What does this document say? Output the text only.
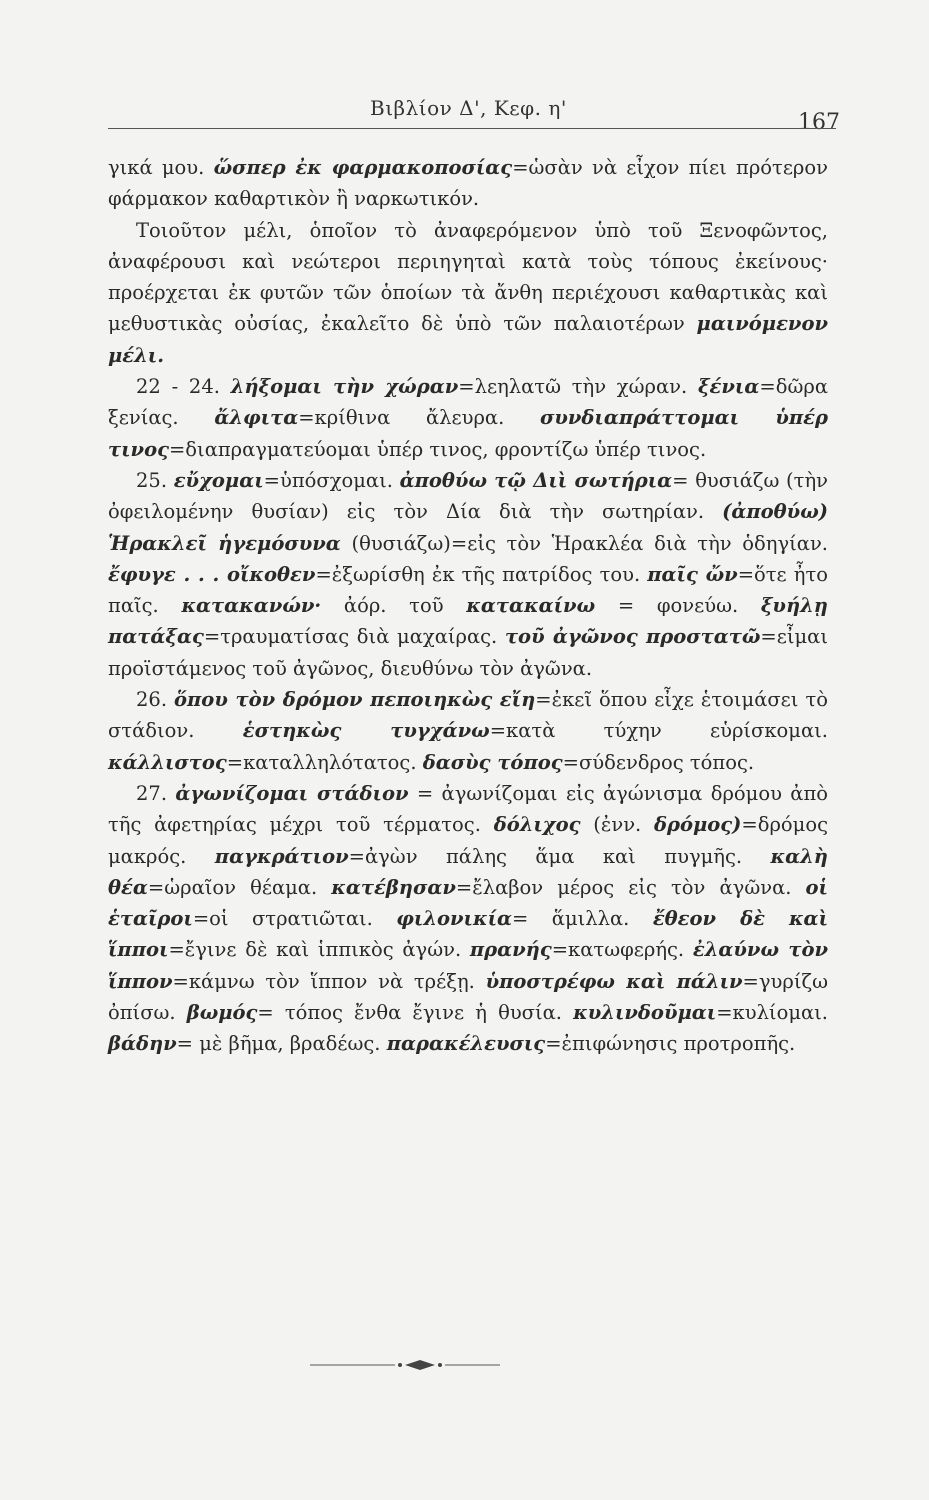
Βιβλίον Δ', Κεφ. η'
167

γικά μου. ὥσπερ ἐκ φαρμακοποσίας=ὡσὰν νὰ εἶχον πίει πρότερον φάρμακον καθαρτικὸν ἢ ναρκωτικόν.

Τοιοῦτον μέλι, ὁποῖον τὸ ἀναφερόμενον ὑπὸ τοῦ Ξενοφῶντος, ἀναφέρουσι καὶ νεώτεροι περιηγηταὶ κατὰ τοὺς τόπους ἐκείνους· προέρχεται ἐκ φυτῶν τῶν ὁποίων τὰ ἄνθη περιέχουσι καθαρτικὰς καὶ μεθυστικὰς οὐσίας, ἐκαλεῖτο δὲ ὑπὸ τῶν παλαιοτέρων μαινόμενον μέλι.

22 - 24. λήξομαι τὴν χώραν=λεηλατῶ τὴν χώραν. ξένια=δῶρα ξενίας. ἄλφιτα=κρίθινα ἄλευρα. συνδιαπράττομαι ὑπέρ τινος=διαπραγματεύομαι ὑπέρ τινος, φροντίζω ὑπέρ τινος.

25. εὔχομαι=ὑπόσχομαι. ἀποθύω τῷ Διὶ σωτήρια= θυσιάζω (τὴν ὀφειλομένην θυσίαν) εἰς τὸν Δία διὰ τὴν σωτηρίαν. (ἀποθύω) Ἡρακλεῖ ἡγεμόσυνα (θυσιάζω)=εἰς τὸν Ἡρακλέα διὰ τὴν ὁδηγίαν. ἔφυγε . . . οἴκοθεν=ἐξωρίσθη ἐκ τῆς πατρίδος του. παῖς ὤν=ὅτε ἦτο παῖς. κατακανών· ἀόρ. τοῦ κατακαίνω = φονεύω. ξυήλῃ πατάξας=τραυματίσας διὰ μαχαίρας. τοῦ ἀγῶνος προστατῶ=εἶμαι προϊστάμενος τοῦ ἀγῶνος, διευθύνω τὸν ἀγῶνα.

26. ὅπου τὸν δρόμον πεποιηκὼς εἴη=ἐκεῖ ὅπου εἶχε ἑτοιμάσει τὸ στάδιον. ἑστηκὼς τυγχάνω=κατὰ τύχην εὑρίσκομαι. κάλλιστος=καταλληλότατος. δασὺς τόπος=σύδενδρος τόπος.

27. ἀγωνίζομαι στάδιον = ἀγωνίζομαι εἰς ἀγώνισμα δρόμου ἀπὸ τῆς ἀφετηρίας μέχρι τοῦ τέρματος. δόλιχος (ἐνν. δρόμος)=δρόμος μακρός. παγκράτιον=ἀγὼν πάλης ἅμα καὶ πυγμῆς. καλὴ θέα=ὡραῖον θέαμα. κατέβησαν=ἔλαβον μέρος εἰς τὸν ἀγῶνα. οἱ ἑταῖροι=οἱ στρατιῶται. φιλονικία= ἅμιλλα. ἔθεον δὲ καὶ ἵπποι=ἔγινε δὲ καὶ ἱππικὸς ἀγών. πρανής=κατωφερής. ἐλαύνω τὸν ἵππον=κάμνω τὸν ἵππον νὰ τρέξῃ. ὑποστρέφω καὶ πάλιν=γυρίζω ὀπίσω. βωμός= τόπος ἔνθα ἔγινε ἡ θυσία. κυλινδοῦμαι=κυλίομαι. βάδην= μὲ βῆμα, βραδέως. παρακέλευσις=ἐπιφώνησις προτροπῆς.
